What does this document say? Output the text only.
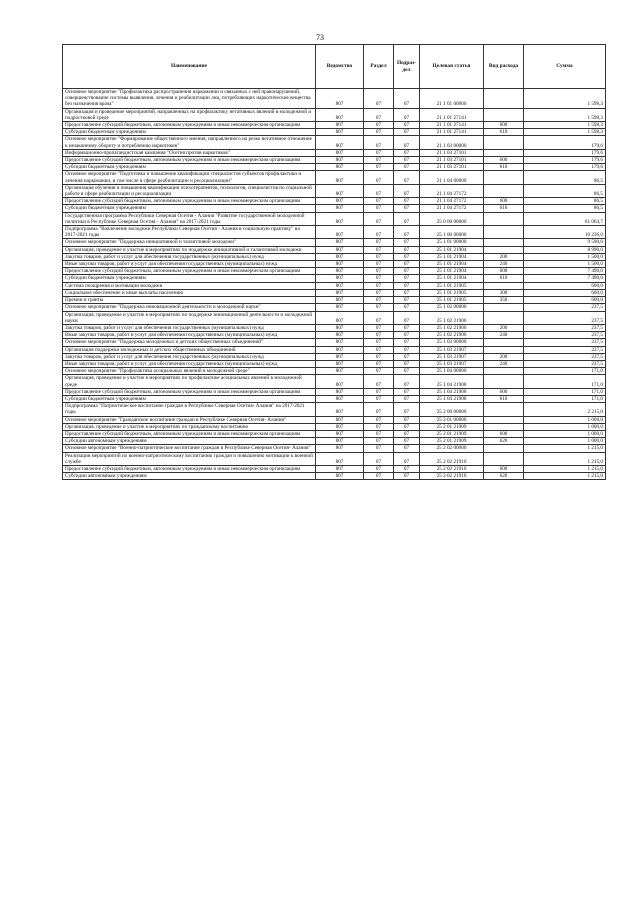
73
Наименование	Ведомство	Раздел	Подраз-дел	Целевая статья	Вид расхода	Сумма
Основное мероприятие "Профилактика распространения наркомании и связанных с ней правонарушений, совершенствование системы выявления, лечения и реабилитации лиц, потребляющих наркотические вещества без назначения врача"	807	07	07	21 1 01 00000		1 598,3
Организация и проведение мероприятий, направленных на профилактику негативных явлений в молодежной и подростковой среде	807	07	07	21 1 01 27141		1 598,3
Предоставление субсидий бюджетным, автономным учреждениям и иным некоммерческим организациям	807	07	07	21 1 01 27141	600	1 598,3
Субсидии бюджетным учреждениям	807	07	07	21 1 01 27141	610	1 598,3
Основное мероприятие "Формирование общественного мнения, направленного на резко негативное отношение к незаконному обороту и потреблению наркотиков"	807	07	07	21 1 03 00000		179,6
Информационно-пропагандистская кампания "Осетия против наркотиков"	807	07	07	21 1 03 27101		179,6
Предоставление субсидий бюджетным, автономным учреждениям и иным некоммерческим организациям	807	07	07	21 1 03 27101	600	179,6
Субсидии бюджетным учреждениям	807	07	07	21 1 03 27101	610	179,6
Основное мероприятие "Подготовка и повышение квалификации специалистов субъектов профилактики и лечения наркомании, в том числе в сфере реабилитации и ресоциализации"	807	07	07	21 1 04 00000		86,5
Организация обучения и повышения квалификации психотерапевтов, психологов, специалистов по социальной работе в сфере реабилитации и ресоциализации	807	07	07	21 1 04 27172		86,5
Предоставление субсидий бюджетным, автономным учреждениям и иным некоммерческим организациям	807	07	07	21 1 04 27172	600	86,5
Субсидии бюджетным учреждениям	807	07	07	21 1 04 27172	610	86,5
Государственная программа Республики Северная Осетия - Алания "Развитие государственной молодежной политики в Республике Северная Осетия - Алания" на 2017-2021 годы	807	07	07	25 0 00 00000		61 064,7
Подпрограмма "Вовлечение молодежи Республики Северная Осетия - Алания в социальную практику" на 2017-2021 годы	807	07	07	25 1 00 00000		10 236,0
Основное мероприятие "Поддержка инициативной и талантливой молодежи"	807	07	07	25 1 01 00000		9 590,0
Организация, проведение и участие в мероприятиях по поддержке инициативной и талантливой молодежи	807	07	07	25 1 01 21904		8 990,0
Закупка товаров, работ и услуг для обеспечения государственных (муниципальных) нужд	807	07	07	25 1 01 21904	200	1 500,0
Иные закупки товаров, работ и услуг для обеспечения государственных (муниципальных) нужд	807	07	07	25 1 01 21904	240	1 500,0
Предоставление субсидий бюджетным, автономным учреждениям и иным некоммерческим организациям	807	07	07	25 1 01 21904	600	7 490,0
Субсидии бюджетным учреждениям	807	07	07	25 1 01 21904	610	7 490,0
Система поощрения и мотивации молодежи	807	07	07	25 1 01 21905		600,0
Социальное обеспечение и иные выплаты населению	807	07	07	25 1 01 21905	300	600,0
Премии и гранты	807	07	07	25 1 01 21905	350	600,0
Основное мероприятие "Поддержка инновационной деятельности и молодежной науки"	807	07	07	25 1 02 00000		237,5
Организация, проведение и участие в мероприятиях по поддержке инновационной деятельности и молодежной науки	807	07	07	25 1 02 21906		237,5
Закупка товаров, работ и услуг для обеспечения государственных (муниципальных) нужд	807	07	07	25 1 02 21906	200	237,5
Иные закупки товаров, работ и услуг для обеспечения государственных (муниципальных) нужд	807	07	07	25 1 02 21906	240	237,5
Основное мероприятие "Поддержка молодежных и детских общественных объединений"	807	07	07	25 1 03 00000		237,5
Организация поддержки молодежных и детских общественных объединений	807	07	07	25 1 03 21907		237,5
Закупка товаров, работ и услуг для обеспечения государственных (муниципальных) нужд	807	07	07	25 1 03 21907	200	237,5
Иные закупки товаров, работ и услуг для обеспечения государственных (муниципальных) нужд	807	07	07	25 1 03 21907	240	237,5
Основное мероприятие "Профилактика асоциальных явлений в молодежной среде"	807	07	07	25 1 04 00000		171,0
Организация, проведение и участие в мероприятиях по профилактике асоциальных явлений в молодежной среде	807	07	07	25 1 04 21908		171,0
Предоставление субсидий бюджетным, автономным учреждениям и иным некоммерческим организациям	807	07	07	25 1 04 21908	600	171,0
Субсидии бюджетным учреждениям	807	07	07	25 1 04 21908	610	171,0
Подпрограмма "Патриотическое воспитание граждан в Республике Северная Осетия- Алания" на 2017-2021 годы	807	07	07	25 2 00 00000		2 215,0
Основное мероприятие "Гражданское воспитание граждан в Республике Северная Осетия- Алания"	807	07	07	25 2 01 00000		1 000,0
Организация, проведение и участие в мероприятиях по гражданскому воспитанию	807	07	07	25 2 01 21909		1 000,0
Предоставление субсидий бюджетным, автономным учреждениям и иным некоммерческим организациям	807	07	07	25 2 01 21909	600	1 000,0
Субсидии автономным учреждениям	807	07	07	25 2 01 21909	620	1 000,0
Основное мероприятие "Военно-патриотическое воспитание граждан в Республике Северная Осетия- Алания"	807	07	07	25 2 02 00000		1 215,0
Реализация мероприятий по военно-патриотическому воспитанию граждан и повышению мотивации к военной службе	807	07	07	25 2 02 21910		1 215,0
Предоставление субсидий бюджетным, автономным учреждениям и иным некоммерческим организациям	807	07	07	25 2 02 21910	600	1 215,0
Субсидии автономным учреждениям	807	07	07	25 2 02 21910	620	1 215,0
